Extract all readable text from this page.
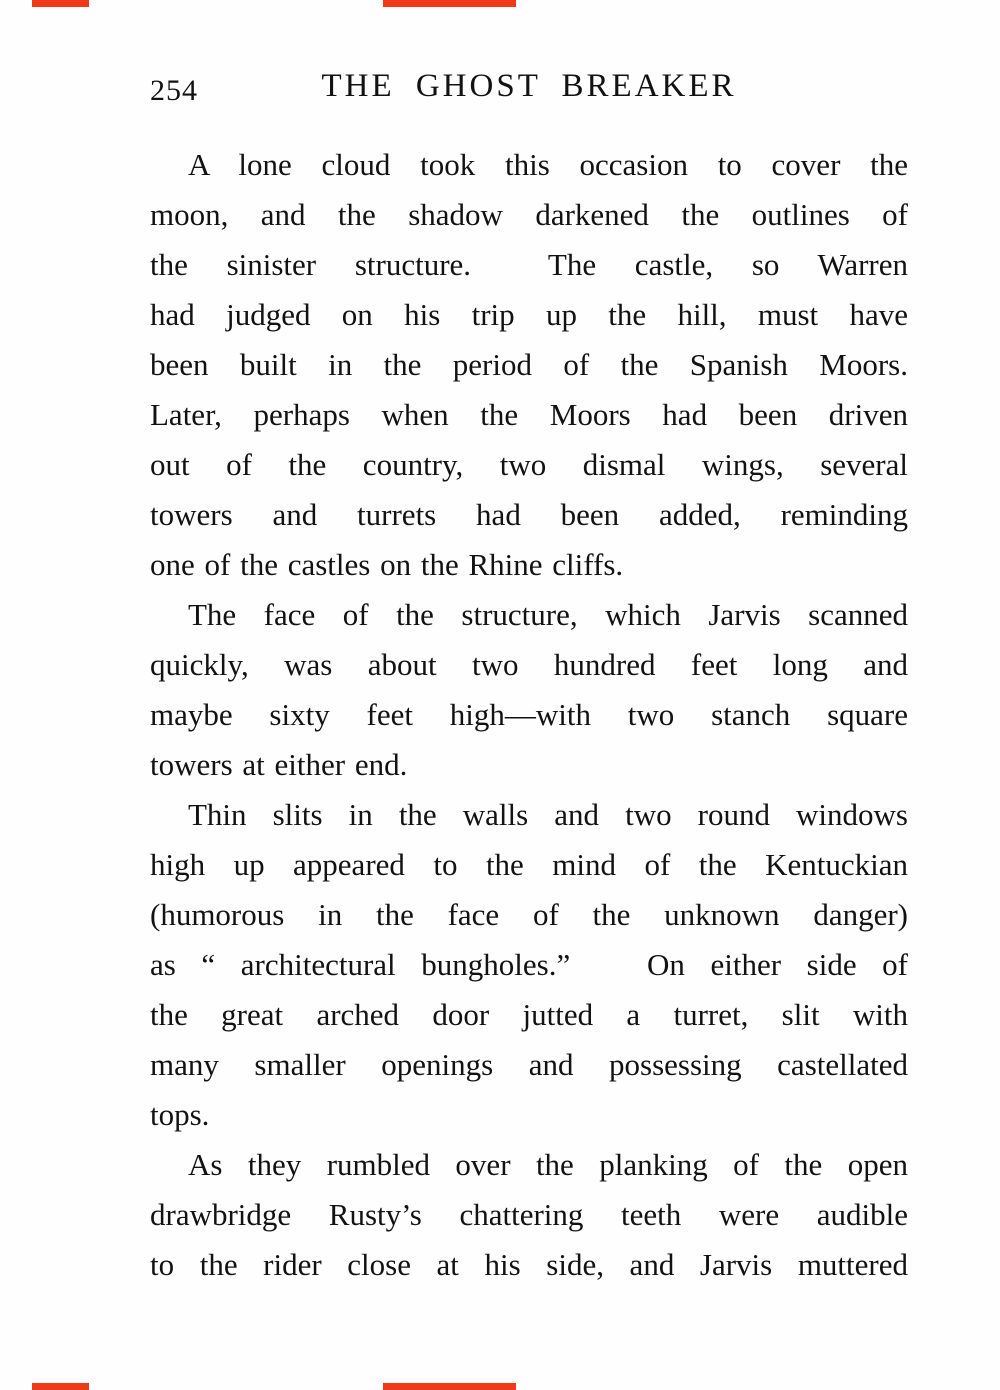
254	THE GHOST BREAKER
A lone cloud took this occasion to cover the
moon, and the shadow darkened the outlines of
the sinister structure.  The castle, so Warren
had judged on his trip up the hill, must have
been built in the period of the Spanish Moors.
Later, perhaps when the Moors had been driven
out of the country, two dismal wings, several
towers and turrets had been added, reminding
one of the castles on the Rhine cliffs.
The face of the structure, which Jarvis scanned
quickly, was about two hundred feet long and
maybe sixty feet high—with two stanch square
towers at either end.
Thin slits in the walls and two round windows
high up appeared to the mind of the Kentuckian
(humorous in the face of the unknown danger)
as “ architectural bungholes.”   On either side of
the great arched door jutted a turret, slit with
many smaller openings and possessing castellated
tops.
As they rumbled over the planking of the open
drawbridge Rusty’s chattering teeth were audible
to the rider close at his side, and Jarvis muttered
